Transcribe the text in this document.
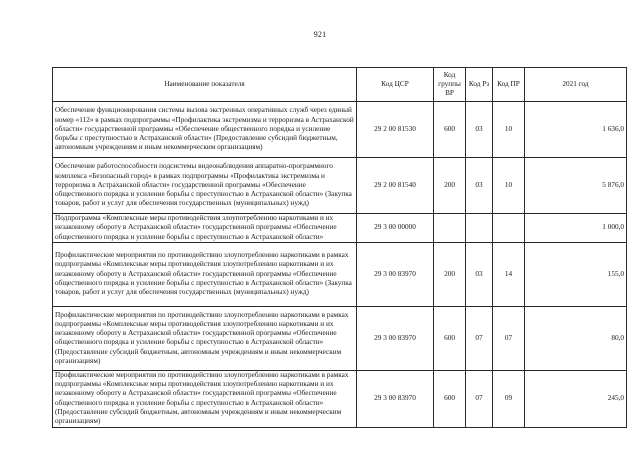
921
Наименование показателя	Код ЦСР	Код группы ВР	Код Рз	Код ПР	2021 год
Обеспечение функционирования системы вызова экстренных оперативных служб через единый номер «112» в рамках подпрограммы «Профилактика экстремизма и терроризма в Астраханской области» государственной программы «Обеспечение общественного порядка и усиление борьбы с преступностью в Астраханской области» (Предоставление субсидий бюджетным, автономным учреждениям и иным некоммерческим организациям)	29 2 00 81530	600	03	10	1 636,0
Обеспечение работоспособности подсистемы видеонаблюдения аппаратно-программного комплекса «Безопасный город» в рамках подпрограммы «Профилактика экстремизма и терроризма в Астраханской области» государственной программы «Обеспечение общественного порядка и усиление борьбы с преступностью в Астраханской области» (Закупка товаров, работ и услуг для обеспечения государственных (муниципальных) нужд)	29 2 00 81540	200	03	10	5 876,0
Подпрограмма «Комплексные меры противодействия злоупотреблению наркотиками и их незаконному обороту в Астраханской области» государственной программы «Обеспечение общественного порядка и усиление борьбы с преступностью в Астраханской области»	29 3 00 00000				1 000,0
Профилактические мероприятия по противодействию злоупотреблению наркотиками в рамках подпрограммы «Комплексные меры противодействия злоупотреблению наркотиками и их незаконному обороту в Астраханской области» государственной программы «Обеспечение общественного порядка и усиление борьбы с преступностью в Астраханской области» (Закупка товаров, работ и услуг для обеспечения государственных (муниципальных) нужд)	29 3 00 83970	200	03	14	155,0
Профилактические мероприятия по противодействию злоупотреблению наркотиками в рамках подпрограммы «Комплексные меры противодействия злоупотреблению наркотиками и их незаконному обороту в Астраханской области» государственной программы «Обеспечение общественного порядка и усиление борьбы с преступностью в Астраханской области» (Предоставление субсидий бюджетным, автономным учреждениям и иным некоммерческим организациям)	29 3 00 83970	600	07	07	80,0
Профилактические мероприятия по противодействию злоупотреблению наркотиками в рамках подпрограммы «Комплексные меры противодействия злоупотреблению наркотиками и их незаконному обороту в Астраханской области» государственной программы «Обеспечение общественного порядка и усиление борьбы с преступностью в Астраханской области» (Предоставление субсидий бюджетным, автономным учреждениям и иным некоммерческим организациям)	29 3 00 83970	600	07	09	245,0
